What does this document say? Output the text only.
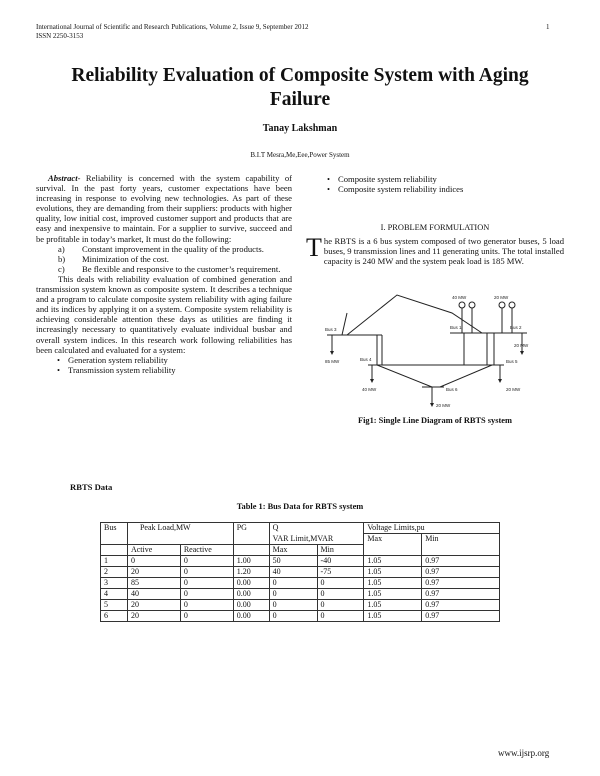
International Journal of Scientific and Research Publications, Volume 2, Issue 9, September 2012
ISSN 2250-3153
1
Reliability Evaluation of Composite System with Aging
Failure
Tanay Lakshman
B.I.T Mesra,Me,Eee,Power System

Abstract- Reliability is concerned with the system capability of survival. In the past forty years, customer expectations have been increasing in response to evolving new technologies. As part of these evolutions, they are demanding from their suppliers: products with higher quality, low initial cost, improved customer support and products that are easy and inexpensive to maintain. For a supplier to survive, succeed and be profitable in today’s market, It must do the following:

a)	Constant improvement in the quality of the products.
b)	Minimization of the cost.
c)	Be flexible and responsive to the customer’s requirement.

This deals with reliability evaluation of combined generation and transmission system known as composite system. It describes a technique and a program to calculate composite system reliability with aging failure and its indices by applying it on a system. Composite system reliability is achieving considerable attention these days as utilities are finding it increasingly necessary to quantitatively evaluate individual busbar and overall system indices. In this research work following reliabilities has been calculated and evaluated for a system:

• Generation system reliability
• Transmission system reliability
• Composite system reliability
• Composite system reliability indices
I. PROBLEM FORMULATION
The RBTS is a 6 bus system composed of two generator buses, 5 load buses, 9 transmission lines and 11 generating units. The total installed capacity is 240 MW and the system peak load is 185 MW.
Bus 3
85 MW
40 MW	20 MW
Bus 1	Bus 2
20 MW
Bus 4
40 MW
Bus 5
20 MW
Bus 6
20 MW
Fig1: Single Line Diagram of RBTS system
RBTS Data
Table 1: Bus Data for RBTS system
Bus	Peak Load,MW		PG	Q		Voltage Limits,pu	
				VAR Limit,MVAR		Max	Min
	Active	Reactive		Max	Min		
1	0	0	1.00	50	-40	1.05	0.97
2	20	0	1.20	40	-75	1.05	0.97
3	85	0	0.00	0	0	1.05	0.97
4	40	0	0.00	0	0	1.05	0.97
5	20	0	0.00	0	0	1.05	0.97
6	20	0	0.00	0	0	1.05	0.97
www.ijsrp.org
